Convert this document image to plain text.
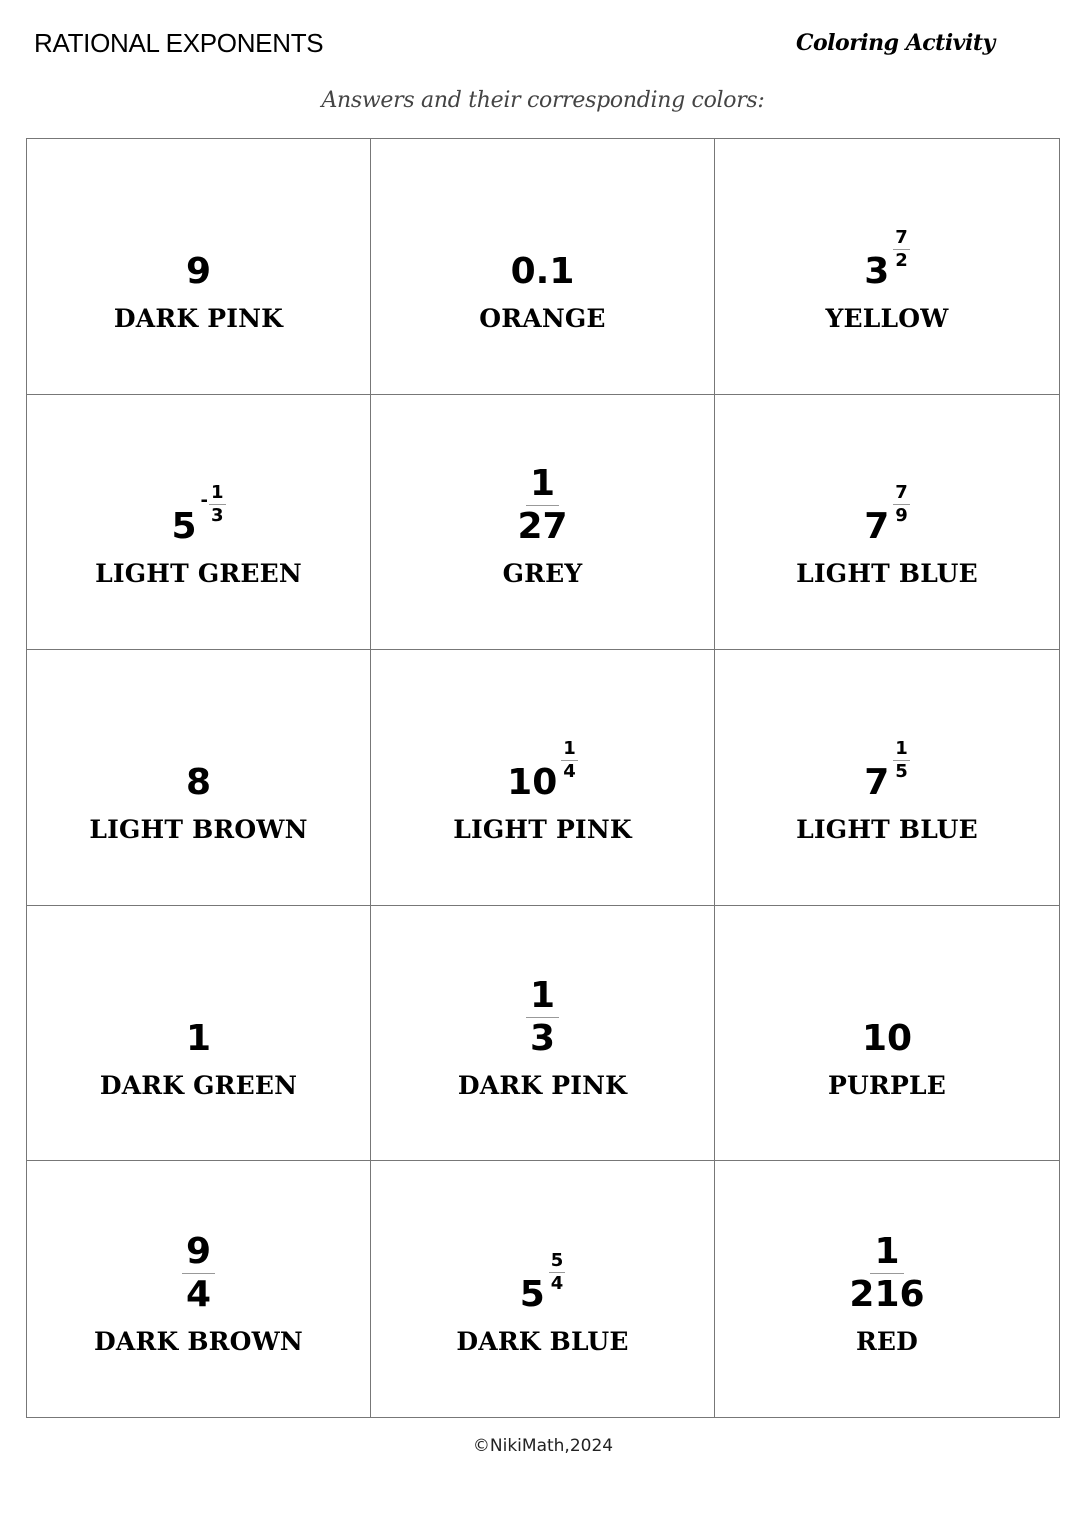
RATIONAL EXPONENTS	Coloring Activity
Answers and their corresponding colors:
9
DARK PINK
0.1
ORANGE
3
$\frac{7}{2}$
YELLOW
5
- $\frac{1}{3}$
LIGHT GREEN
$\frac{1}{27}$
GREY
7
$\frac{7}{9}$
LIGHT BLUE
8
LIGHT BROWN
10
$\frac{1}{4}$
LIGHT PINK
7
$\frac{1}{5}$
LIGHT BLUE
1
DARK GREEN
$\frac{1}{3}$
DARK PINK
10
PURPLE
$\frac{9}{4}$
DARK BROWN
5
$\frac{5}{4}$
DARK BLUE
$\frac{1}{216}$
RED
©NikiMath,2024
